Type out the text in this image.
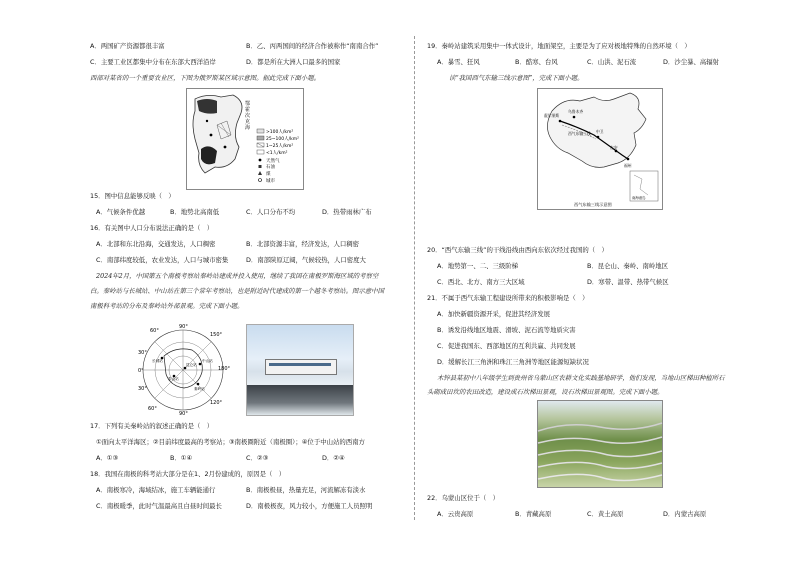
A．两国矿产资源都很丰富	B．乙、丙两国间的经济合作被称作“南南合作”
C．主要工业区都集中分布在东部大西洋沿岸	D．都是所在大洲人口最多的国家
西部对某省的一个重要农业区，下图为俄罗斯某区域示意图。据此完成下面小题。
>100人/km²
25~100人/km²
1~25人/km²
<1人/km²
天然气
石油
煤
城市
鄂
霍
次
克
海
15．图中信息能够反映（　）
A．气候条件优越	B．地势北高南低	C．人口分布不均	D．热带雨林广布
16．有关图中人口分布说法正确的是（　）
A．北部和东北沿海，交通发达，人口稠密	B．北部资源丰富，经济发达，人口稠密
C．南部纬度较低，农业发达，人口与城市密集	D．南部陕原辽阔，气候较热，人口密度大
2024年2月，中国第五个南极考察站秦岭站建成并投入使用，继续了我国在南极罗斯海区域的考察空
白。秦岭站与长城站、中山站在第三个常年考察站，也是附近时代建成的第一个越冬考察站。图示意中国
南极科考站的分布及秦岭站外部景观。完成下面小题。
90°
60°
150°
180°
120°
90°
60°
30°
0°
30°
昆仑站
长城站
泰山站
中山站
秦岭站
17．下列有关秦岭站的叙述正确的是（　）
①面向太平洋海区；②目前纬度最高的考察站；③南极圈附近（南极圈）；④位于中山站的西南方
A．①③	B．①④	C．②③	D．②④
18．我国在南极的科考站大部分是在1、2月份建成的，原因是（　）
A．南极寒冷，海域结冰，施工车辆能通行	B．南极极昼，热量充足，河流解冻有淡水
C．南极暖季，此时气温最高且白昼时间最长	D．南极极夜，风力较小，方便施工人员照明
19．秦岭站建筑采用集中一体式设计，地面架空，主要是为了应对极地特殊的自然环境（　）
A．暴雪、狂风	B．酷寒、台风	C．山洪、泥石流	D．沙尘暴、高辐射
读“我国西气东输三线示意图”，完成下面小题。
霍尔果斯
乌鲁木齐
中卫
吉安
西气东输三线
福州
南海诸岛
西气东输三线示意图
20．“西气东输三线”的干线沿线由西向东依次经过我国的（　）
A．地势第一、二、三级阶梯	B．昆仑山、秦岭、南岭地区
C．西北、北方、南方三大区域	D．寒带、温带、热带气候区
21．不属于西气东输工程建设所带来的积极影响是（　）
A．加快新疆资源开采，促进其经济发展
B．诱发沿线地区地震、滑坡、泥石流等地质灾害
C．促进我国东、西部地区的互利共赢、共同发展
D．缓解长江三角洲和珠江三角洲等地区能源短缺状况
木锌县某初中八年级学生到贵州省乌蒙山区农耕文化实践基地研学，他们发现，当地山区梯田种植所石
头砌成田坎的农田改造，建设成石坎梯田景观，设石坎梯田景观图。完成下面小题。
22．乌蒙山区位于（　）
A．云贵高原	B．青藏高原	C．黄土高原	D．内蒙古高原
